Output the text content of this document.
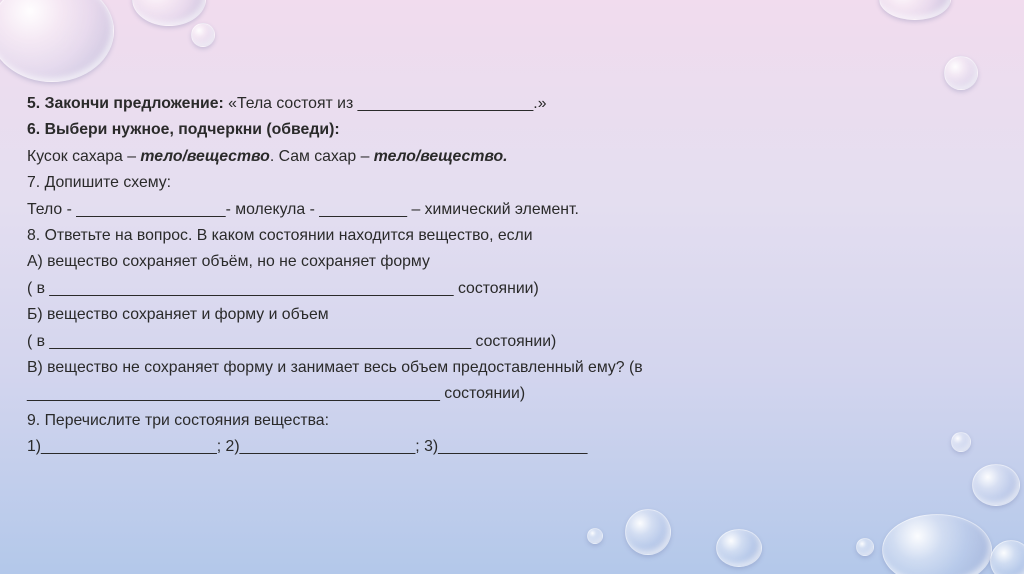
5. Закончи предложение: «Тела состоят из ____________________.»
6. Выбери нужное, подчеркни (обведи):
Кусок сахара – тело/вещество. Сам сахар – тело/вещество.
7. Допишите схему:
Тело - _________________- молекула - __________ – химический элемент.
8. Ответьте на вопрос. В каком состоянии находится вещество, если
А) вещество сохраняет объём, но не сохраняет форму
( в ______________________________________________ состоянии)
Б) вещество сохраняет и форму и объем
( в ________________________________________________ состоянии)
В) вещество не сохраняет форму и занимает весь объем предоставленный ему? (в
_______________________________________________ состоянии)
9. Перечислите три состояния вещества:
1)____________________; 2)____________________; 3)_________________
